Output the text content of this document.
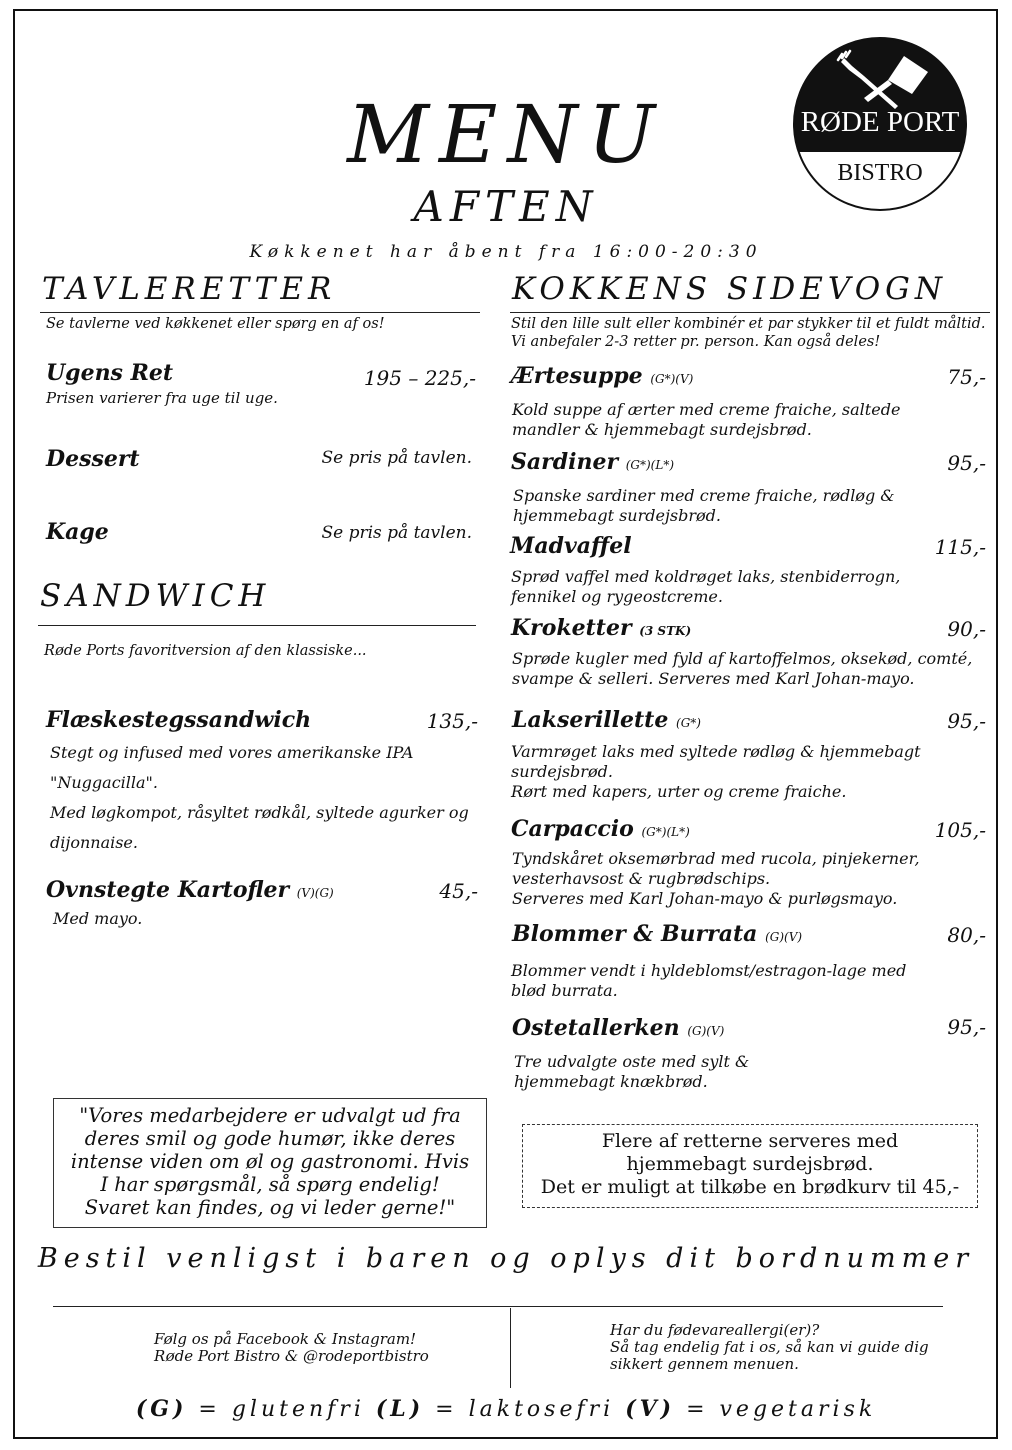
MENU
AFTEN
Køkkenet har åbent fra 16:00-20:30
RØDE PORT
BISTRO
TAVLERETTER
Se tavlerne ved køkkenet eller spørg en af os!
Ugens Ret	195 – 225,-
Prisen varierer fra uge til uge.
Dessert	Se pris på tavlen.
Kage	Se pris på tavlen.
SANDWICH
Røde Ports favoritversion af den klassiske...
Flæskestegssandwich	135,-
Stegt og infused med vores amerikanske IPA
"Nuggacilla".
Med løgkompot, råsyltet rødkål, syltede agurker og
dijonnaise.
Ovnstegte Kartofler (V)(G)	45,-
Med mayo.
KOKKENS SIDEVOGN
Stil den lille sult eller kombinér et par stykker til et fuldt måltid.
Vi anbefaler 2-3 retter pr. person. Kan også deles!
Ærtesuppe (G*)(V)	75,-
Kold suppe af ærter med creme fraiche, saltede
mandler & hjemmebagt surdejsbrød.
Sardiner (G*)(L*)	95,-
Spanske sardiner med creme fraiche, rødløg &
hjemmebagt surdejsbrød.
Madvaffel	115,-
Sprød vaffel med koldrøget laks, stenbiderrogn,
fennikel og rygeostcreme.
Kroketter (3 STK)	90,-
Sprøde kugler med fyld af kartoffelmos, oksekød, comté,
svampe & selleri. Serveres med Karl Johan-mayo.
Lakserillette (G*)	95,-
Varmrøget laks med syltede rødløg & hjemmebagt
surdejsbrød.
Rørt med kapers, urter og creme fraiche.
Carpaccio (G*)(L*)	105,-
Tyndskåret oksemørbrad med rucola, pinjekerner,
vesterhavsost & rugbrødschips.
Serveres med Karl Johan-mayo & purløgsmayo.
Blommer & Burrata (G)(V)	80,-
Blommer vendt i hyldeblomst/estragon-lage med
blød burrata.
Ostetallerken (G)(V)	95,-
Tre udvalgte oste med sylt &
hjemmebagt knækbrød.
"Vores medarbejdere er udvalgt ud fra deres smil og gode humør, ikke deres intense viden om øl og gastronomi. Hvis I har spørgsmål, så spørg endelig! Svaret kan findes, og vi leder gerne!"
Flere af retterne serveres med
hjemmebagt surdejsbrød.
Det er muligt at tilkøbe en brødkurv til 45,-
Bestil venligst i baren og oplys dit bordnummer
Følg os på Facebook & Instagram!
Røde Port Bistro & @rodeportbistro
Har du fødevareallergi(er)?
Så tag endelig fat i os, så kan vi guide dig
sikkert gennem menuen.
(G) = glutenfri (L) = laktosefri (V) = vegetarisk
